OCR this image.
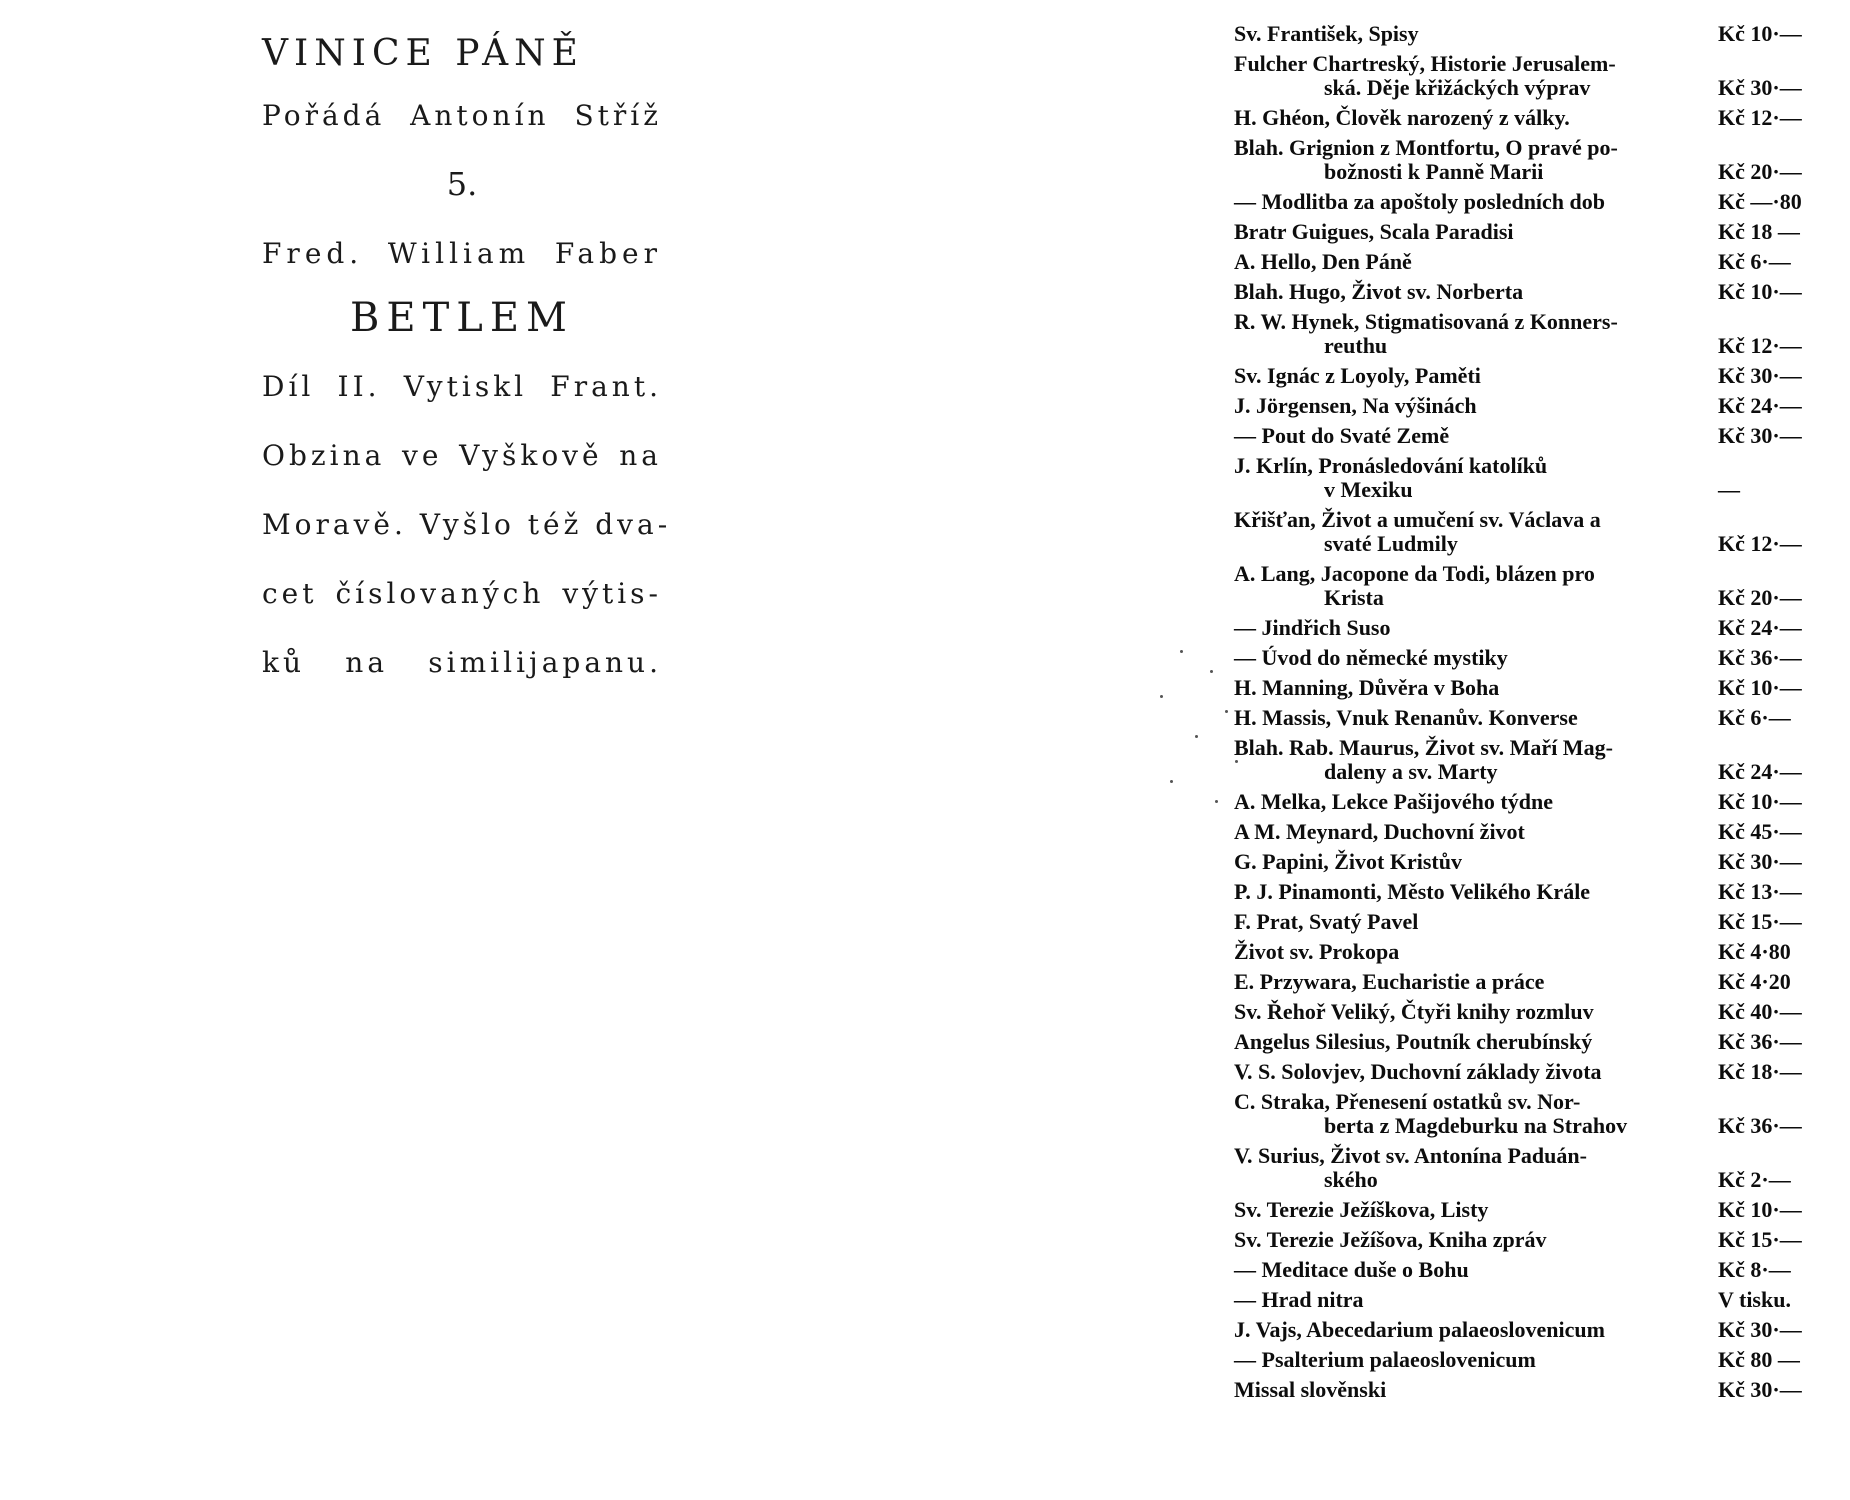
VINICE PÁNĚ
Pořádá Antonín Stříž
5.
Fred. William Faber
BETLEM
Díl II. Vytiskl Frant.
Obzina ve Vyškově na
Moravě. Vyšlo též dva-
cet číslovaných výtis-
ků na similijapanu.
Sv. František, Spisy	Kč 10·—
Fulcher Chartreský, Historie Jerusalem-
ská. Děje křižáckých výprav	Kč 30·—
H. Ghéon, Člověk narozený z války.	Kč 12·—
Blah. Grignion z Montfortu, O pravé po-
božnosti k Panně Marii	Kč 20·—
— Modlitba za apoštoly posledních dob	Kč —·80
Bratr Guigues, Scala Paradisi	Kč 18 —
A. Hello, Den Páně	Kč 6·—
Blah. Hugo, Život sv. Norberta	Kč 10·—
R. W. Hynek, Stigmatisovaná z Konners-
reuthu	Kč 12·—
Sv. Ignác z Loyoly, Paměti	Kč 30·—
J. Jörgensen, Na výšinách	Kč 24·—
— Pout do Svaté Země	Kč 30·—
J. Krlín, Pronásledování katolíků
v Mexiku	—
Křišťan, Život a umučení sv. Václava a
svaté Ludmily	Kč 12·—
A. Lang, Jacopone da Todi, blázen pro
Krista	Kč 20·—
— Jindřich Suso	Kč 24·—
— Úvod do německé mystiky	Kč 36·—
H. Manning, Důvěra v Boha	Kč 10·—
H. Massis, Vnuk Renanův. Konverse	Kč 6·—
Blah. Rab. Maurus, Život sv. Maří Mag-
daleny a sv. Marty	Kč 24·—
A. Melka, Lekce Pašijového týdne	Kč 10·—
A M. Meynard, Duchovní život	Kč 45·—
G. Papini, Život Kristův	Kč 30·—
P. J. Pinamonti, Město Velikého Krále	Kč 13·—
F. Prat, Svatý Pavel	Kč 15·—
Život sv. Prokopa	Kč 4·80
E. Przywara, Eucharistie a práce	Kč 4·20
Sv. Řehoř Veliký, Čtyři knihy rozmluv	Kč 40·—
Angelus Silesius, Poutník cherubínský	Kč 36·—
V. S. Solovjev, Duchovní základy života	Kč 18·—
C. Straka, Přenesení ostatků sv. Nor-
berta z Magdeburku na Strahov	Kč 36·—
V. Surius, Život sv. Antonína Paduán-
ského	Kč 2·—
Sv. Terezie Ježíškova, Listy	Kč 10·—
Sv. Terezie Ježíšova, Kniha zpráv	Kč 15·—
— Meditace duše o Bohu	Kč 8·—
— Hrad nitra	V tisku.
J. Vajs, Abecedarium palaeoslovenicum	Kč 30·—
— Psalterium palaeoslovenicum	Kč 80 —
Missal slověnski	Kč 30·—
